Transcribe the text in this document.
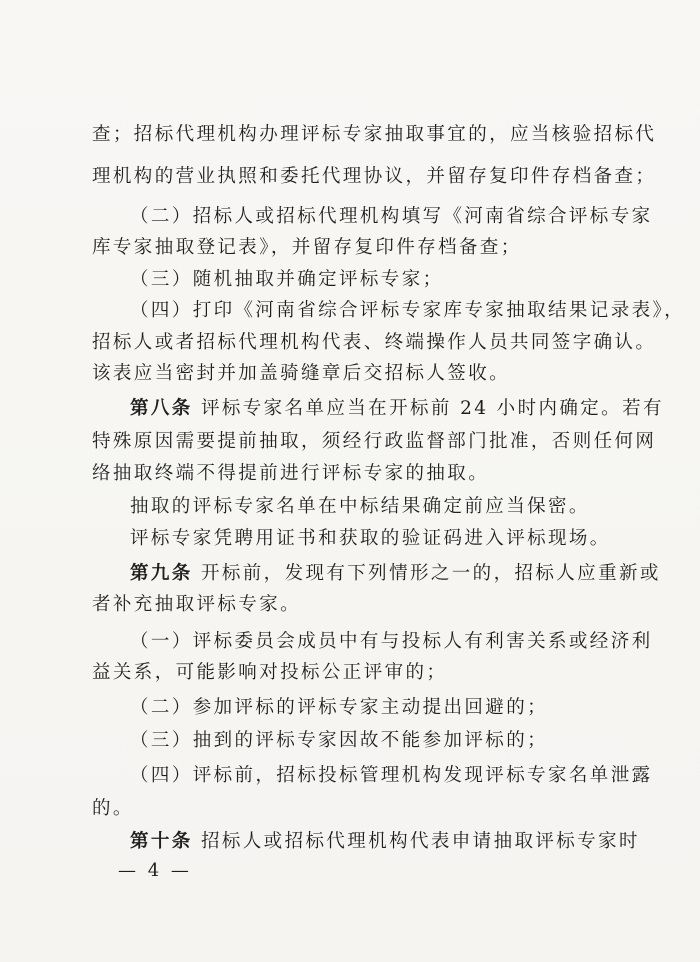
查；招标代理机构办理评标专家抽取事宜的，应当核验招标代
理机构的营业执照和委托代理协议，并留存复印件存档备查；
（二）招标人或招标代理机构填写《河南省综合评标专家
库专家抽取登记表》，并留存复印件存档备查；
（三）随机抽取并确定评标专家；
（四）打印《河南省综合评标专家库专家抽取结果记录表》，
招标人或者招标代理机构代表、终端操作人员共同签字确认。
该表应当密封并加盖骑缝章后交招标人签收。
第八条 评标专家名单应当在开标前 24 小时内确定。若有
特殊原因需要提前抽取，须经行政监督部门批准，否则任何网
络抽取终端不得提前进行评标专家的抽取。
抽取的评标专家名单在中标结果确定前应当保密。
评标专家凭聘用证书和获取的验证码进入评标现场。
第九条 开标前，发现有下列情形之一的，招标人应重新或
者补充抽取评标专家。
（一）评标委员会成员中有与投标人有利害关系或经济利
益关系，可能影响对投标公正评审的；
（二）参加评标的评标专家主动提出回避的；
（三）抽到的评标专家因故不能参加评标的；
（四）评标前，招标投标管理机构发现评标专家名单泄露
的。
第十条 招标人或招标代理机构代表申请抽取评标专家时
— 4 —
